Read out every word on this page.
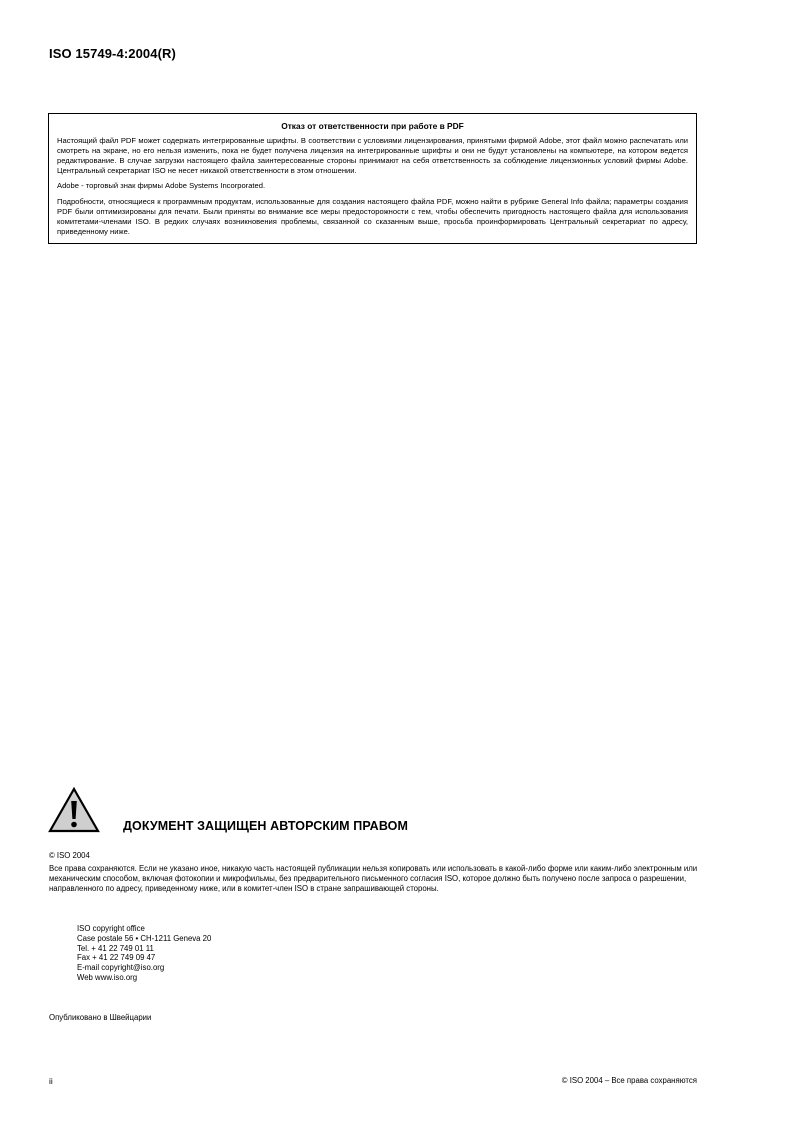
ISO 15749-4:2004(R)
Отказ от ответственности при работе в PDF

Настоящий файл PDF может содержать интегрированные шрифты. В соответствии с условиями лицензирования, принятыми фирмой Adobe, этот файл можно распечатать или смотреть на экране, но его нельзя изменить, пока не будет получена лицензия на интегрированные шрифты и они не будут установлены на компьютере, на котором ведется редактирование. В случае загрузки настоящего файла заинтересованные стороны принимают на себя ответственность за соблюдение лицензионных условий фирмы Adobe. Центральный секретариат ISO не несет никакой ответственности в этом отношении.

Adobe - торговый знак фирмы Adobe Systems Incorporated.

Подробности, относящиеся к программным продуктам, использованные для создания настоящего файла PDF, можно найти в рубрике General Info файла; параметры создания PDF были оптимизированы для печати. Были приняты во внимание все меры предосторожности с тем, чтобы обеспечить пригодность настоящего файла для использования комитетами-членами ISO. В редких случаях возникновения проблемы, связанной со сказанным выше, просьба проинформировать Центральный секретариат по адресу, приведенному ниже.

ДОКУМЕНТ ЗАЩИЩЕН АВТОРСКИМ ПРАВОМ
© ISO 2004
Все права сохраняются. Если не указано иное, никакую часть настоящей публикации нельзя копировать или использовать в какой-либо форме или каким-либо электронным или механическим способом, включая фотокопии и микрофильмы, без предварительного письменного согласия ISO, которое должно быть получено после запроса о разрешении, направленного по адресу, приведенному ниже, или в комитет-член ISO в стране запрашивающей стороны.
ISO copyright office
Case postale 56 • CH-1211 Geneva 20
Tel. + 41 22 749 01 11
Fax + 41 22 749 09 47
E-mail copyright@iso.org
Web www.iso.org
Опубликовано в Швейцарии
ii	© ISO 2004 – Все права сохраняются
